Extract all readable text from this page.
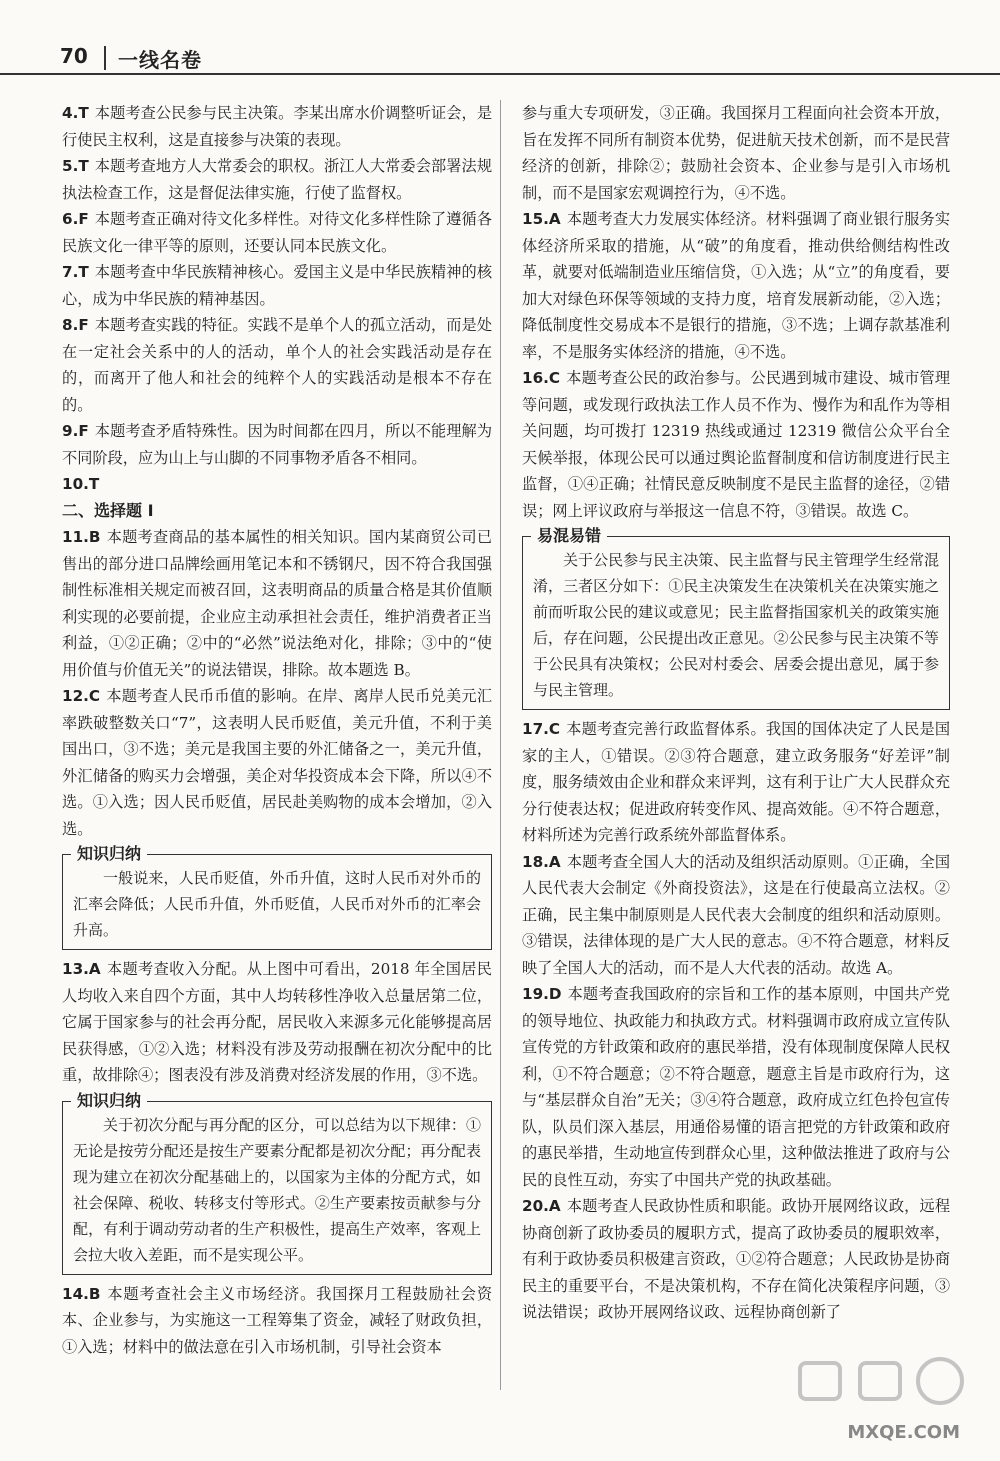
70 一线名卷

4.T 本题考查公民参与民主决策。李某出席水价调整听证会，是行使民主权利，这是直接参与决策的表现。

5.T 本题考查地方人大常委会的职权。浙江人大常委会部署法规执法检查工作，这是督促法律实施，行使了监督权。

6.F 本题考查正确对待文化多样性。对待文化多样性除了遵循各民族文化一律平等的原则，还要认同本民族文化。

7.T 本题考查中华民族精神核心。爱国主义是中华民族精神的核心，成为中华民族的精神基因。

8.F 本题考查实践的特征。实践不是单个人的孤立活动，而是处在一定社会关系中的人的活动，单个人的社会实践活动是存在的，而离开了他人和社会的纯粹个人的实践活动是根本不存在的。

9.F 本题考查矛盾特殊性。因为时间都在四月，所以不能理解为不同阶段，应为山上与山脚的不同事物矛盾各不相同。

10.T

二、选择题 Ⅰ

11.B 本题考查商品的基本属性的相关知识。国内某商贸公司已售出的部分进口品牌绘画用笔记本和不锈钢尺，因不符合我国强制性标准相关规定而被召回，这表明商品的质量合格是其价值顺利实现的必要前提，企业应主动承担社会责任，维护消费者正当利益，①②正确；②中的“必然”说法绝对化，排除；③中的“使用价值与价值无关”的说法错误，排除。故本题选 B。

12.C 本题考查人民币币值的影响。在岸、离岸人民币兑美元汇率跌破整数关口“7”，这表明人民币贬值，美元升值，不利于美国出口，③不选；美元是我国主要的外汇储备之一，美元升值，外汇储备的购买力会增强，美企对华投资成本会下降，所以④不选。①入选；因人民币贬值，居民赴美购物的成本会增加，②入选。

知识归纳

一般说来，人民币贬值，外币升值，这时人民币对外币的汇率会降低；人民币升值，外币贬值，人民币对外币的汇率会升高。

13.A 本题考查收入分配。从上图中可看出，2018 年全国居民人均收入来自四个方面，其中人均转移性净收入总量居第二位，它属于国家参与的社会再分配，居民收入来源多元化能够提高居民获得感，①②入选；材料没有涉及劳动报酬在初次分配中的比重，故排除④；图表没有涉及消费对经济发展的作用，③不选。

知识归纳

关于初次分配与再分配的区分，可以总结为以下规律：①无论是按劳分配还是按生产要素分配都是初次分配；再分配表现为建立在初次分配基础上的，以国家为主体的分配方式，如社会保障、税收、转移支付等形式。②生产要素按贡献参与分配，有利于调动劳动者的生产积极性，提高生产效率，客观上会拉大收入差距，而不是实现公平。

14.B 本题考查社会主义市场经济。我国探月工程鼓励社会资本、企业参与，为实施这一工程筹集了资金，减轻了财政负担，①入选；材料中的做法意在引入市场机制，引导社会资本

参与重大专项研发，③正确。我国探月工程面向社会资本开放，旨在发挥不同所有制资本优势，促进航天技术创新，而不是民营经济的创新，排除②；鼓励社会资本、企业参与是引入市场机制，而不是国家宏观调控行为，④不选。

15.A 本题考查大力发展实体经济。材料强调了商业银行服务实体经济所采取的措施，从“破”的角度看，推动供给侧结构性改革，就要对低端制造业压缩信贷，①入选；从“立”的角度看，要加大对绿色环保等领域的支持力度，培育发展新动能，②入选；降低制度性交易成本不是银行的措施，③不选；上调存款基准利率，不是服务实体经济的措施，④不选。

16.C 本题考查公民的政治参与。公民遇到城市建设、城市管理等问题，或发现行政执法工作人员不作为、慢作为和乱作为等相关问题，均可拨打 12319 热线或通过 12319 微信公众平台全天候举报，体现公民可以通过舆论监督制度和信访制度进行民主监督，①④正确；社情民意反映制度不是民主监督的途径，②错误；网上评议政府与举报这一信息不符，③错误。故选 C。

易混易错

关于公民参与民主决策、民主监督与民主管理学生经常混淆，三者区分如下：①民主决策发生在决策机关在决策实施之前而听取公民的建议或意见；民主监督指国家机关的政策实施后，存在问题，公民提出改正意见。②公民参与民主决策不等于公民具有决策权；公民对村委会、居委会提出意见，属于参与民主管理。

17.C 本题考查完善行政监督体系。我国的国体决定了人民是国家的主人，①错误。②③符合题意，建立政务服务“好差评”制度，服务绩效由企业和群众来评判，这有利于让广大人民群众充分行使表达权；促进政府转变作风、提高效能。④不符合题意，材料所述为完善行政系统外部监督体系。

18.A 本题考查全国人大的活动及组织活动原则。①正确，全国人民代表大会制定《外商投资法》，这是在行使最高立法权。②正确，民主集中制原则是人民代表大会制度的组织和活动原则。③错误，法律体现的是广大人民的意志。④不符合题意，材料反映了全国人大的活动，而不是人大代表的活动。故选 A。

19.D 本题考查我国政府的宗旨和工作的基本原则，中国共产党的领导地位、执政能力和执政方式。材料强调市政府成立宣传队宣传党的方针政策和政府的惠民举措，没有体现制度保障人民权利，①不符合题意；②不符合题意，题意主旨是市政府行为，这与“基层群众自治”无关；③④符合题意，政府成立红色拎包宣传队，队员们深入基层，用通俗易懂的语言把党的方针政策和政府的惠民举措，生动地宣传到群众心里，这种做法推进了政府与公民的良性互动，夯实了中国共产党的执政基础。

20.A 本题考查人民政协性质和职能。政协开展网络议政，远程协商创新了政协委员的履职方式，提高了政协委员的履职效率，有利于政协委员积极建言资政，①②符合题意；人民政协是协商民主的重要平台，不是决策机构，不存在简化决策程序问题，③说法错误；政协开展网络议政、远程协商创新了

MXQE.COM
